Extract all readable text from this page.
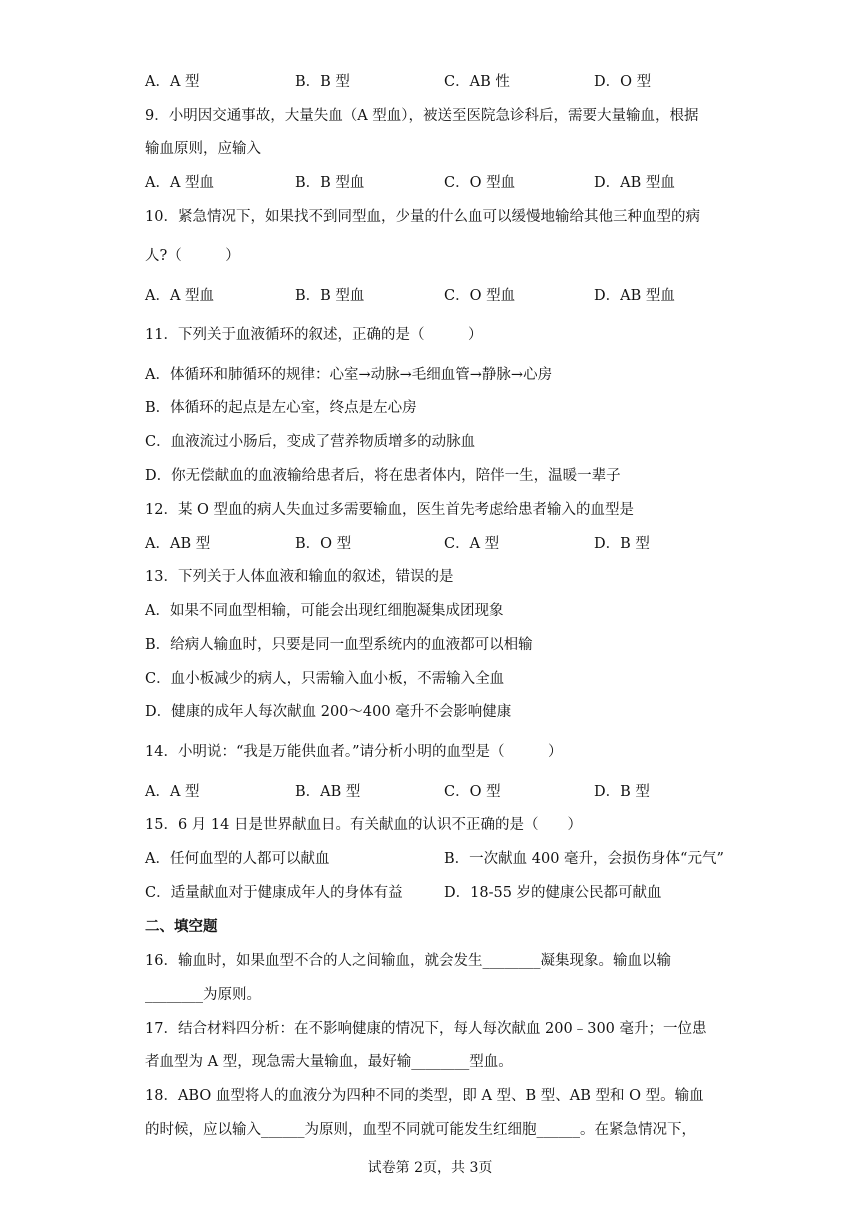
A．A 型	B．B 型	C．AB 性	D．O 型
9．小明因交通事故，大量失血（A 型血），被送至医院急诊科后，需要大量输血，根据
输血原则，应输入
A．A 型血	B．B 型血	C．O 型血	D．AB 型血
10．紧急情况下，如果找不到同型血，少量的什么血可以缓慢地输给其他三种血型的病
人?（　　　）
A．A 型血	B．B 型血	C．O 型血	D．AB 型血
11．下列关于血液循环的叙述，正确的是（　　　）
A．体循环和肺循环的规律：心室→动脉→毛细血管→静脉→心房
B．体循环的起点是左心室，终点是左心房
C．血液流过小肠后，变成了营养物质增多的动脉血
D．你无偿献血的血液输给患者后，将在患者体内，陪伴一生，温暖一辈子
12．某 O 型血的病人失血过多需要输血，医生首先考虑给患者输入的血型是
A．AB 型	B．O 型	C．A 型	D．B 型
13．下列关于人体血液和输血的叙述，错误的是
A．如果不同血型相输，可能会出现红细胞凝集成团现象
B．给病人输血时，只要是同一血型系统内的血液都可以相输
C．血小板减少的病人，只需输入血小板，不需输入全血
D．健康的成年人每次献血 200～400 毫升不会影响健康
14．小明说：“我是万能供血者。”请分析小明的血型是（　　　）
A．A 型	B．AB 型	C．O 型	D．B 型
15．6 月 14 日是世界献血日。有关献血的认识不正确的是（　　）
A．任何血型的人都可以献血	B．一次献血 400 毫升，会损伤身体“元气”
C．适量献血对于健康成年人的身体有益	D．18-55 岁的健康公民都可献血
二、填空题
16．输血时，如果血型不合的人之间输血，就会发生________凝集现象。输血以输
________为原则。
17．结合材料四分析：在不影响健康的情况下，每人每次献血 200﹣300 毫升；一位患
者血型为 A 型，现急需大量输血，最好输________型血。
18．ABO 血型将人的血液分为四种不同的类型，即 A 型、B 型、AB 型和 O 型。输血
的时候，应以输入______为原则，血型不同就可能发生红细胞______。在紧急情况下，
试卷第 2页，共 3页
